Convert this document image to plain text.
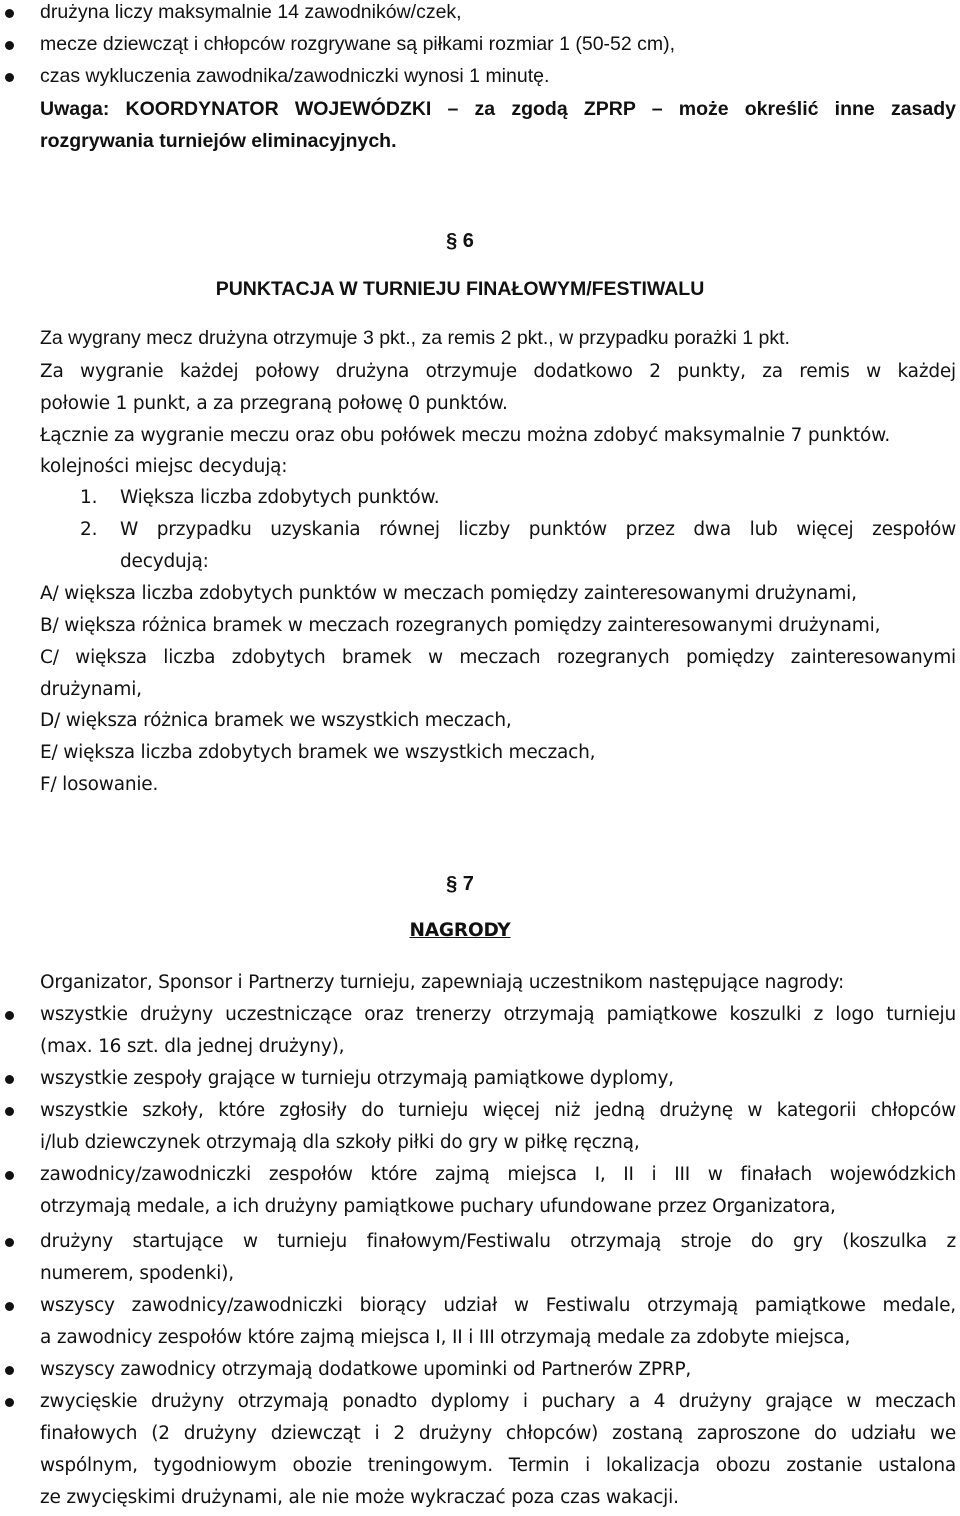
drużyna liczy maksymalnie 14 zawodników/czek,
mecze dziewcząt i chłopców rozgrywane są piłkami rozmiar 1 (50-52 cm),
czas wykluczenia zawodnika/zawodniczki wynosi 1 minutę.
Uwaga: KOORDYNATOR WOJEWÓDZKI – za zgodą ZPRP – może określić inne zasady
rozgrywania turniejów eliminacyjnych.
§ 6
PUNKTACJA W TURNIEJU FINAŁOWYM/FESTIWALU
Za wygrany mecz drużyna otrzymuje 3 pkt., za remis 2 pkt., w przypadku porażki 1 pkt.
Za wygranie każdej połowy drużyna otrzymuje dodatkowo 2 punkty, za remis w każdej
połowie 1 punkt, a za przegraną połowę 0 punktów.
Łącznie za wygranie meczu oraz obu połówek meczu można zdobyć maksymalnie 7 punktów.
kolejności miejsc decydują:
1. Większa liczba zdobytych punktów.
2. W przypadku uzyskania równej liczby punktów przez dwa lub więcej zespołów
decydują:
A/ większa liczba zdobytych punktów w meczach pomiędzy zainteresowanymi drużynami,
B/ większa różnica bramek w meczach rozegranych pomiędzy zainteresowanymi drużynami,
C/ większa liczba zdobytych bramek w meczach rozegranych pomiędzy zainteresowanymi
drużynami,
D/ większa różnica bramek we wszystkich meczach,
E/ większa liczba zdobytych bramek we wszystkich meczach,
F/ losowanie.
§ 7
NAGRODY
Organizator, Sponsor i Partnerzy turnieju, zapewniają uczestnikom następujące nagrody:
wszystkie drużyny uczestniczące oraz trenerzy otrzymają pamiątkowe koszulki z logo turnieju
(max. 16 szt. dla jednej drużyny),
wszystkie zespoły grające w turnieju otrzymają pamiątkowe dyplomy,
wszystkie szkoły, które zgłosiły do turnieju więcej niż jedną drużynę w kategorii chłopców
i/lub dziewczynek otrzymają dla szkoły piłki do gry w piłkę ręczną,
zawodnicy/zawodniczki zespołów które zajmą miejsca I, II i III w finałach wojewódzkich
otrzymają medale, a ich drużyny pamiątkowe puchary ufundowane przez Organizatora,
drużyny startujące w turnieju finałowym/Festiwalu otrzymają stroje do gry (koszulka z
numerem, spodenki),
wszyscy zawodnicy/zawodniczki biorący udział w Festiwalu otrzymają pamiątkowe medale,
a zawodnicy zespołów które zajmą miejsca I, II i III otrzymają medale za zdobyte miejsca,
wszyscy zawodnicy otrzymają dodatkowe upominki od Partnerów ZPRP,
zwycięskie drużyny otrzymają ponadto dyplomy i puchary a 4 drużyny grające w meczach
finałowych (2 drużyny dziewcząt i 2 drużyny chłopców) zostaną zaproszone do udziału we
wspólnym, tygodniowym obozie treningowym. Termin i lokalizacja obozu zostanie ustalona
ze zwycięskimi drużynami, ale nie może wykraczać poza czas wakacji.
